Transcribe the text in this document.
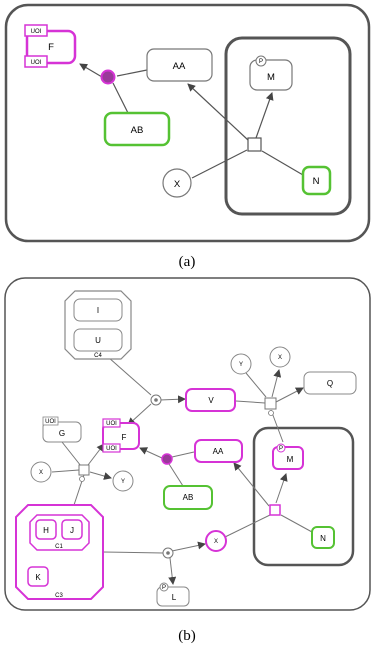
UOI
UOI
F
AA
AB
P
M
X	N
(a)
I
U
C4
V
Y
X
Q
UOI
G
UOI
UOI
F
AA
AB
X
Y
P
M
N
H	J
C1
K
C3
X
P
L
(b)
